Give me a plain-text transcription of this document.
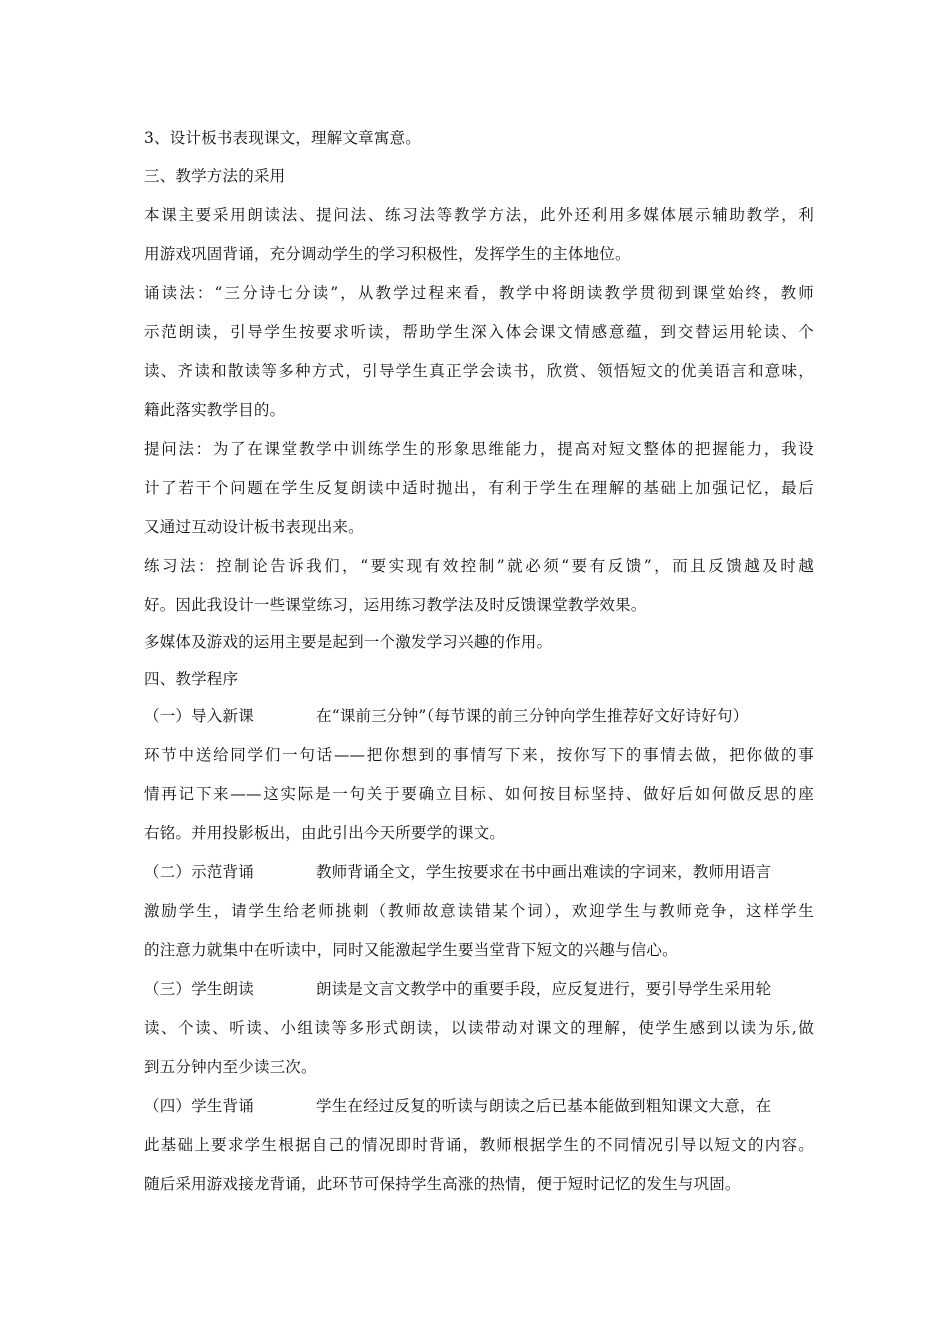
3、设计板书表现课文，理解文章寓意。
三、教学方法的采用
本课主要采用朗读法、提问法、练习法等教学方法，此外还利用多媒体展示辅助教学，利
用游戏巩固背诵，充分调动学生的学习积极性，发挥学生的主体地位。
诵读法：“三分诗七分读”，从教学过程来看，教学中将朗读教学贯彻到课堂始终，教师
示范朗读，引导学生按要求听读，帮助学生深入体会课文情感意蕴，到交替运用轮读、个
读、齐读和散读等多种方式，引导学生真正学会读书，欣赏、领悟短文的优美语言和意味，
籍此落实教学目的。
提问法：为了在课堂教学中训练学生的形象思维能力，提高对短文整体的把握能力，我设
计了若干个问题在学生反复朗读中适时抛出，有利于学生在理解的基础上加强记忆，最后
又通过互动设计板书表现出来。
练习法：控制论告诉我们，“要实现有效控制”就必须“要有反馈”，而且反馈越及时越
好。因此我设计一些课堂练习，运用练习教学法及时反馈课堂教学效果。
多媒体及游戏的运用主要是起到一个激发学习兴趣的作用。
四、教学程序
（一）导入新课	在“课前三分钟”（每节课的前三分钟向学生推荐好文好诗好句）
环节中送给同学们一句话——把你想到的事情写下来，按你写下的事情去做，把你做的事
情再记下来——这实际是一句关于要确立目标、如何按目标坚持、做好后如何做反思的座
右铭。并用投影板出，由此引出今天所要学的课文。
（二）示范背诵	教师背诵全文，学生按要求在书中画出难读的字词来，教师用语言
激励学生，请学生给老师挑刺（教师故意读错某个词），欢迎学生与教师竞争，这样学生
的注意力就集中在听读中，同时又能激起学生要当堂背下短文的兴趣与信心。
（三）学生朗读	朗读是文言文教学中的重要手段，应反复进行，要引导学生采用轮
读、个读、听读、小组读等多形式朗读，以读带动对课文的理解，使学生感到以读为乐,做
到五分钟内至少读三次。
（四）学生背诵	学生在经过反复的听读与朗读之后已基本能做到粗知课文大意，在
此基础上要求学生根据自己的情况即时背诵，教师根据学生的不同情况引导以短文的内容。
随后采用游戏接龙背诵，此环节可保持学生高涨的热情，便于短时记忆的发生与巩固。
